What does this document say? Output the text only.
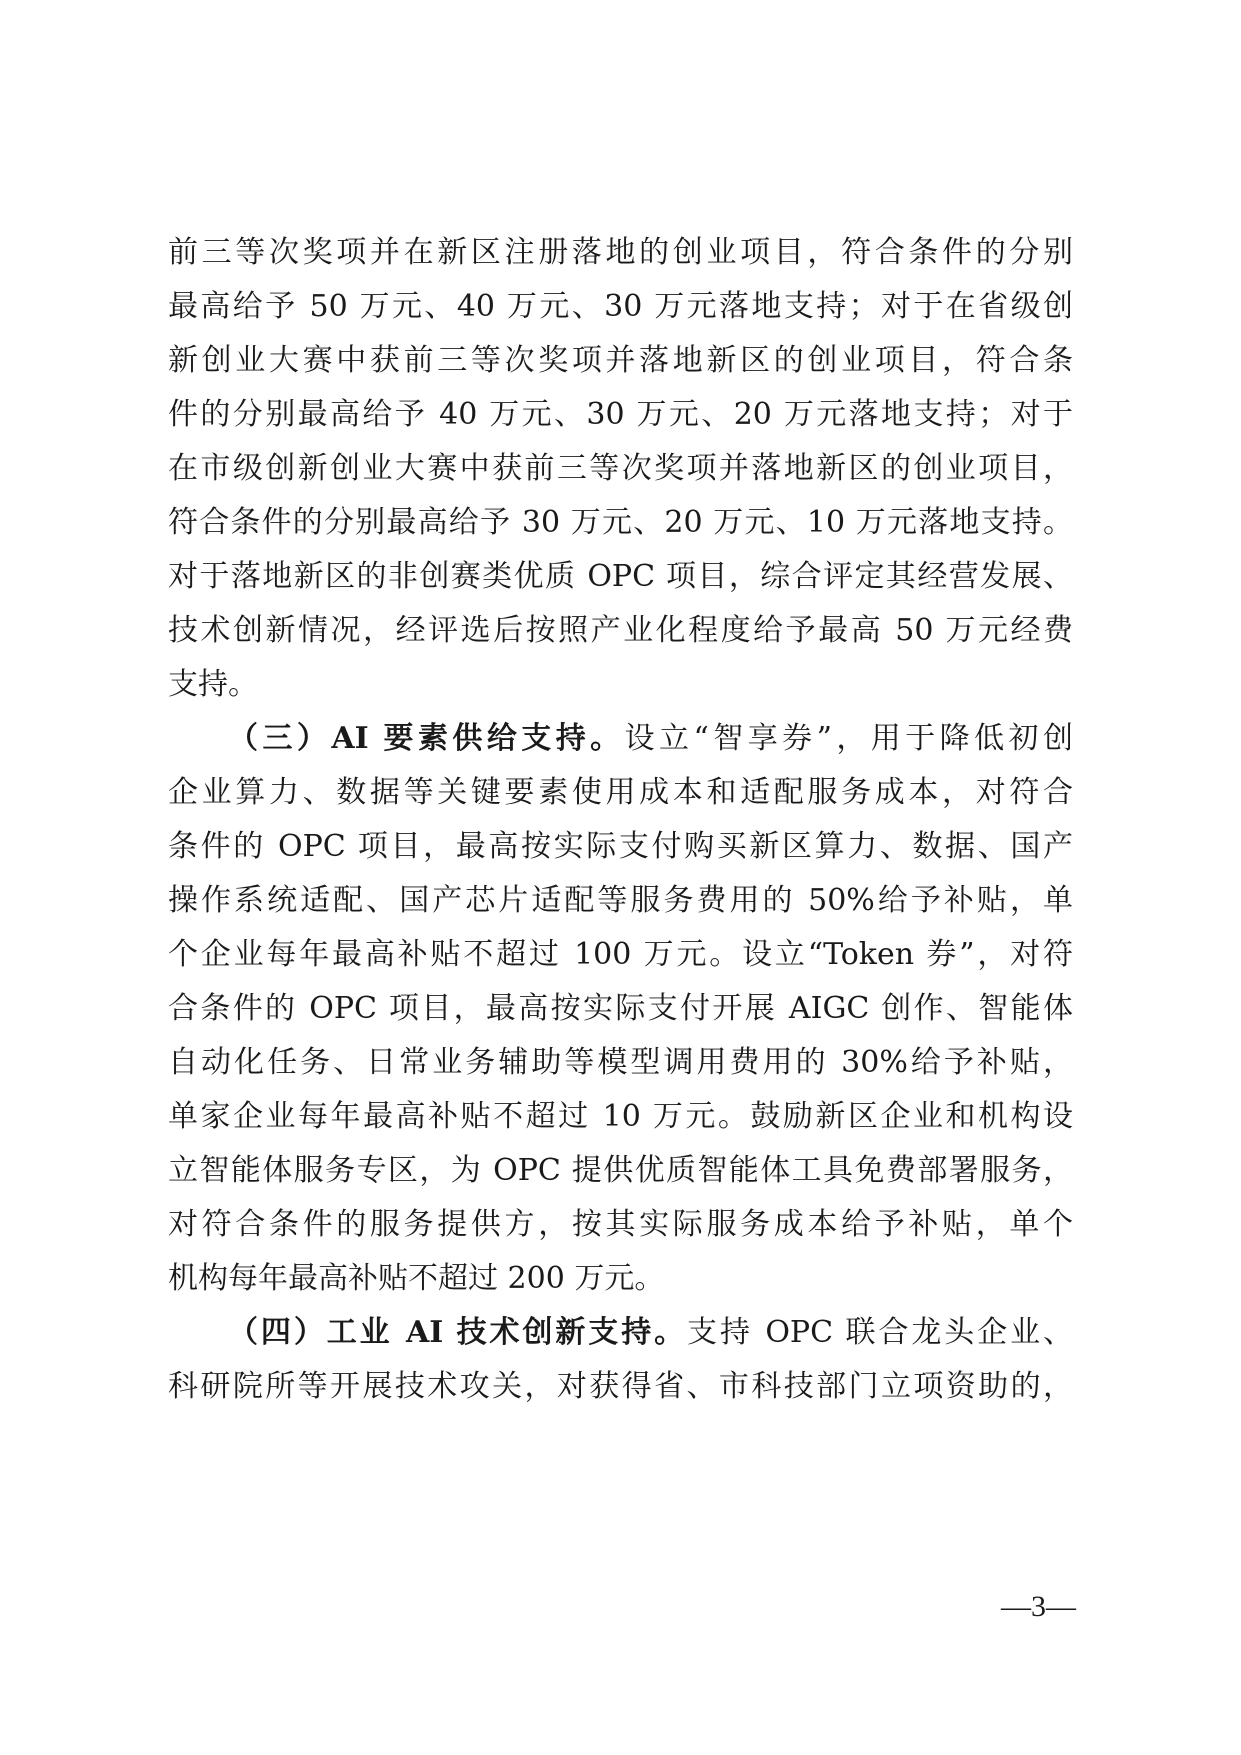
前三等次奖项并在新区注册落地的创业项目，符合条件的分别
最高给予 50 万元、40 万元、30 万元落地支持；对于在省级创
新创业大赛中获前三等次奖项并落地新区的创业项目，符合条
件的分别最高给予 40 万元、30 万元、20 万元落地支持；对于
在市级创新创业大赛中获前三等次奖项并落地新区的创业项目，
符合条件的分别最高给予 30 万元、20 万元、10 万元落地支持。
对于落地新区的非创赛类优质 OPC 项目，综合评定其经营发展、
技术创新情况，经评选后按照产业化程度给予最高 50 万元经费
支持。
（三）AI 要素供给支持。设立“智享券”，用于降低初创
企业算力、数据等关键要素使用成本和适配服务成本，对符合
条件的 OPC 项目，最高按实际支付购买新区算力、数据、国产
操作系统适配、国产芯片适配等服务费用的 50%给予补贴，单
个企业每年最高补贴不超过 100 万元。设立“Token 券”，对符
合条件的 OPC 项目，最高按实际支付开展 AIGC 创作、智能体
自动化任务、日常业务辅助等模型调用费用的 30%给予补贴，
单家企业每年最高补贴不超过 10 万元。鼓励新区企业和机构设
立智能体服务专区，为 OPC 提供优质智能体工具免费部署服务，
对符合条件的服务提供方，按其实际服务成本给予补贴，单个
机构每年最高补贴不超过 200 万元。
（四）工业 AI 技术创新支持。支持 OPC 联合龙头企业、
科研院所等开展技术攻关，对获得省、市科技部门立项资助的，
—3—
